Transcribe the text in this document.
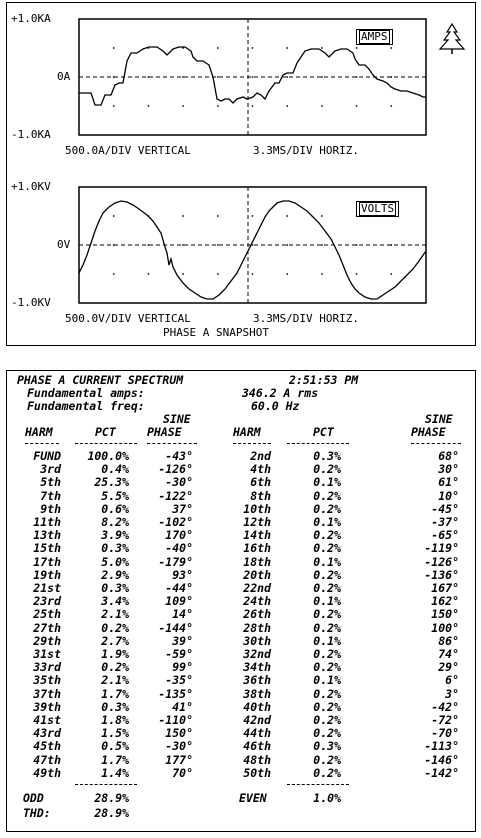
+1.0KA
0A
-1.0KA
AMPS
500.0A/DIV VERTICAL	3.3MS/DIV HORIZ.
+1.0KV
0V
-1.0KV
VOLTS
500.0V/DIV VERTICAL	3.3MS/DIV HORIZ.
PHASE A SNAPSHOT
PHASE A CURRENT SPECTRUM	2:51:53 PM
Fundamental amps:	346.2 A rms
Fundamental freq:	60.0 Hz
SINE	SINE
HARM	PCT	PHASE	HARM	PCT	PHASE
FUND	100.0%	-43°
3rd	0.4%	-126°
5th	25.3%	-30°
7th	5.5%	-122°
9th	0.6%	37°
11th	8.2%	-102°
13th	3.9%	170°
15th	0.3%	-40°
17th	5.0%	-179°
19th	2.9%	93°
21st	0.3%	-44°
23rd	3.4%	109°
25th	2.1%	14°
27th	0.2%	-144°
29th	2.7%	39°
31st	1.9%	-59°
33rd	0.2%	99°
35th	2.1%	-35°
37th	1.7%	-135°
39th	0.3%	41°
41st	1.8%	-110°
43rd	1.5%	150°
45th	0.5%	-30°
47th	1.7%	177°
49th	1.4%	70°
2nd	0.3%	68°
4th	0.2%	30°
6th	0.1%	61°
8th	0.2%	10°
10th	0.2%	-45°
12th	0.1%	-37°
14th	0.2%	-65°
16th	0.2%	-119°
18th	0.1%	-126°
20th	0.2%	-136°
22nd	0.2%	167°
24th	0.1%	162°
26th	0.2%	150°
28th	0.2%	100°
30th	0.1%	86°
32nd	0.2%	74°
34th	0.2%	29°
36th	0.1%	6°
38th	0.2%	3°
40th	0.2%	-42°
42nd	0.2%	-72°
44th	0.2%	-70°
46th	0.3%	-113°
48th	0.2%	-146°
50th	0.2%	-142°
ODD	28.9%	EVEN	1.0%
THD:	28.9%
